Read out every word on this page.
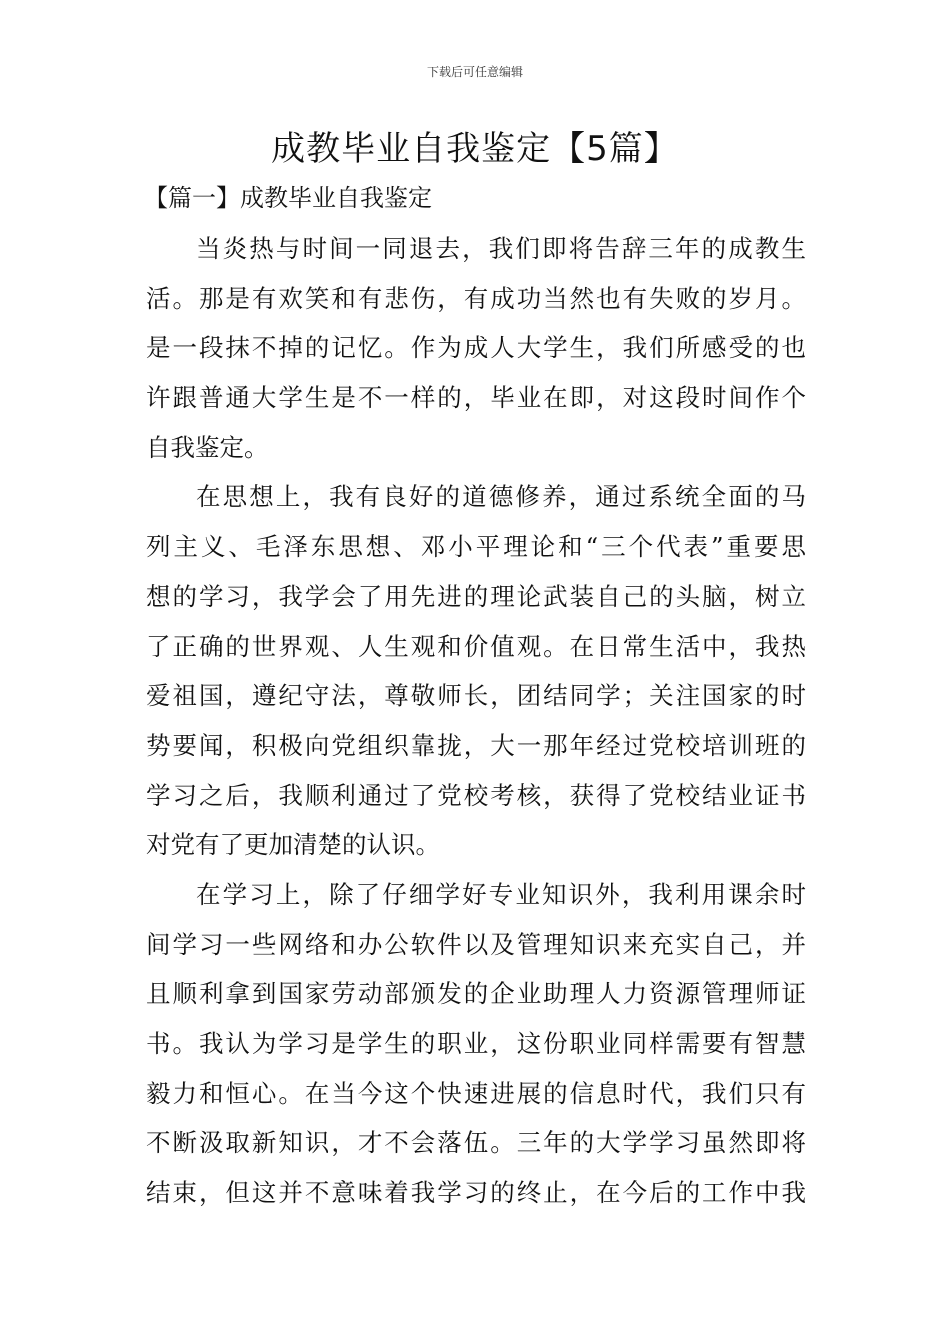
下载后可任意编辑
成教毕业自我鉴定【5篇】
【篇一】成教毕业自我鉴定
当炎热与时间一同退去，我们即将告辞三年的成教生
活。那是有欢笑和有悲伤，有成功当然也有失败的岁月。
是一段抹不掉的记忆。作为成人大学生，我们所感受的也
许跟普通大学生是不一样的，毕业在即，对这段时间作个
自我鉴定。
在思想上，我有良好的道德修养，通过系统全面的马
列主义、毛泽东思想、邓小平理论和“三个代表”重要思
想的学习，我学会了用先进的理论武装自己的头脑，树立
了正确的世界观、人生观和价值观。在日常生活中，我热
爱祖国，遵纪守法，尊敬师长，团结同学；关注国家的时
势要闻，积极向党组织靠拢，大一那年经过党校培训班的
学习之后，我顺利通过了党校考核，获得了党校结业证书
对党有了更加清楚的认识。
在学习上，除了仔细学好专业知识外，我利用课余时
间学习一些网络和办公软件以及管理知识来充实自己，并
且顺利拿到国家劳动部颁发的企业助理人力资源管理师证
书。我认为学习是学生的职业，这份职业同样需要有智慧
毅力和恒心。在当今这个快速进展的信息时代，我们只有
不断汲取新知识，才不会落伍。三年的大学学习虽然即将
结束，但这并不意味着我学习的终止，在今后的工作中我
